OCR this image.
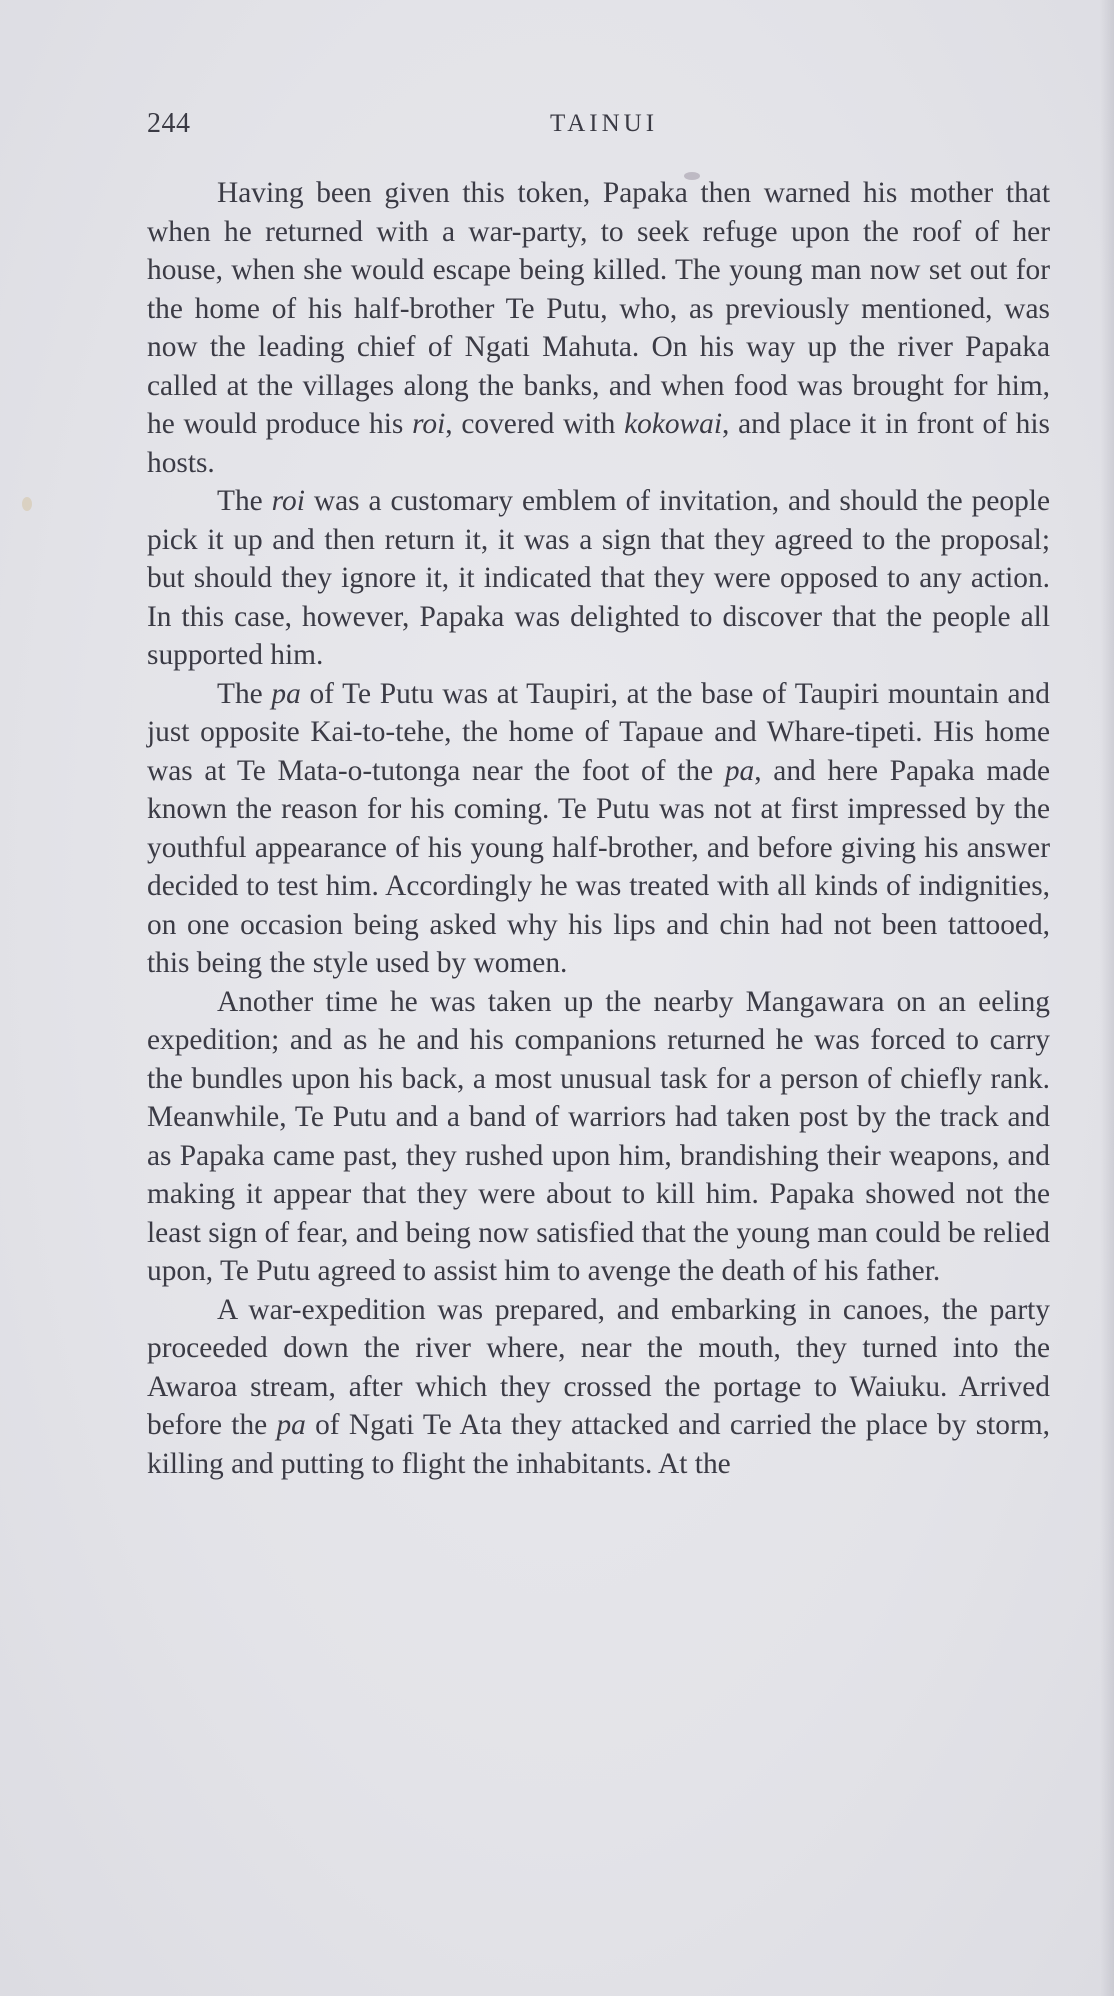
244	TAINUI

Having been given this token, Papaka then warned his mother that when he returned with a war-party, to seek refuge upon the roof of her house, when she would escape being killed. The young man now set out for the home of his half-brother Te Putu, who, as previously mentioned, was now the leading chief of Ngati Mahuta. On his way up the river Papaka called at the villages along the banks, and when food was brought for him, he would produce his roi, covered with kokowai, and place it in front of his hosts.

The roi was a customary emblem of invitation, and should the people pick it up and then return it, it was a sign that they agreed to the proposal; but should they ignore it, it indicated that they were opposed to any action. In this case, however, Papaka was delighted to discover that the people all supported him.

The pa of Te Putu was at Taupiri, at the base of Taupiri mountain and just opposite Kai-to-tehe, the home of Tapaue and Whare-tipeti. His home was at Te Mata-o-tutonga near the foot of the pa, and here Papaka made known the reason for his coming. Te Putu was not at first impressed by the youthful appearance of his young half-brother, and before giving his answer decided to test him. Accordingly he was treated with all kinds of indignities, on one occasion being asked why his lips and chin had not been tattooed, this being the style used by women.

Another time he was taken up the nearby Mangawara on an eeling expedition; and as he and his companions returned he was forced to carry the bundles upon his back, a most unusual task for a person of chiefly rank. Meanwhile, Te Putu and a band of warriors had taken post by the track and as Papaka came past, they rushed upon him, brandishing their weapons, and making it appear that they were about to kill him. Papaka showed not the least sign of fear, and being now satisfied that the young man could be relied upon, Te Putu agreed to assist him to avenge the death of his father.

A war-expedition was prepared, and embarking in canoes, the party proceeded down the river where, near the mouth, they turned into the Awaroa stream, after which they crossed the portage to Waiuku. Arrived before the pa of Ngati Te Ata they attacked and carried the place by storm, killing and putting to flight the inhabitants. At the
